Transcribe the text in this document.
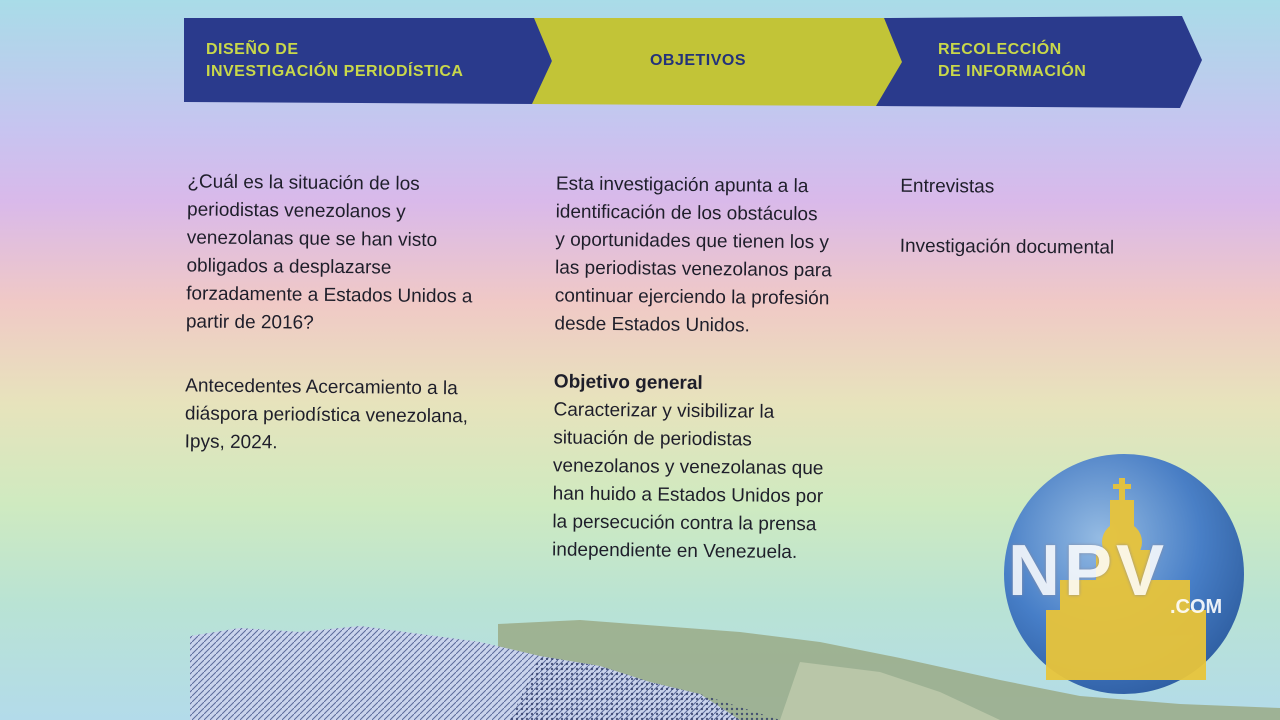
DISEÑO DE
INVESTIGACIÓN PERIODÍSTICA
OBJETIVOS
RECOLECCIÓN
DE INFORMACIÓN

¿Cuál es la situación de los
periodistas venezolanos y
venezolanas que se han visto
obligados a desplazarse
forzadamente a Estados Unidos a
partir de 2016?

Antecedentes Acercamiento a la
diáspora periodística venezolana,
Ipys, 2024.

Esta investigación apunta a la
identificación de los obstáculos
y oportunidades que tienen los y
las periodistas venezolanos para
continuar ejerciendo la profesión
desde Estados Unidos.

Objetivo general

Caracterizar y visibilizar la
situación de periodistas
venezolanos y venezolanas que
han huido a Estados Unidos por
la persecución contra la prensa
independiente en Venezuela.

Entrevistas

Investigación documental

NPV .COM
